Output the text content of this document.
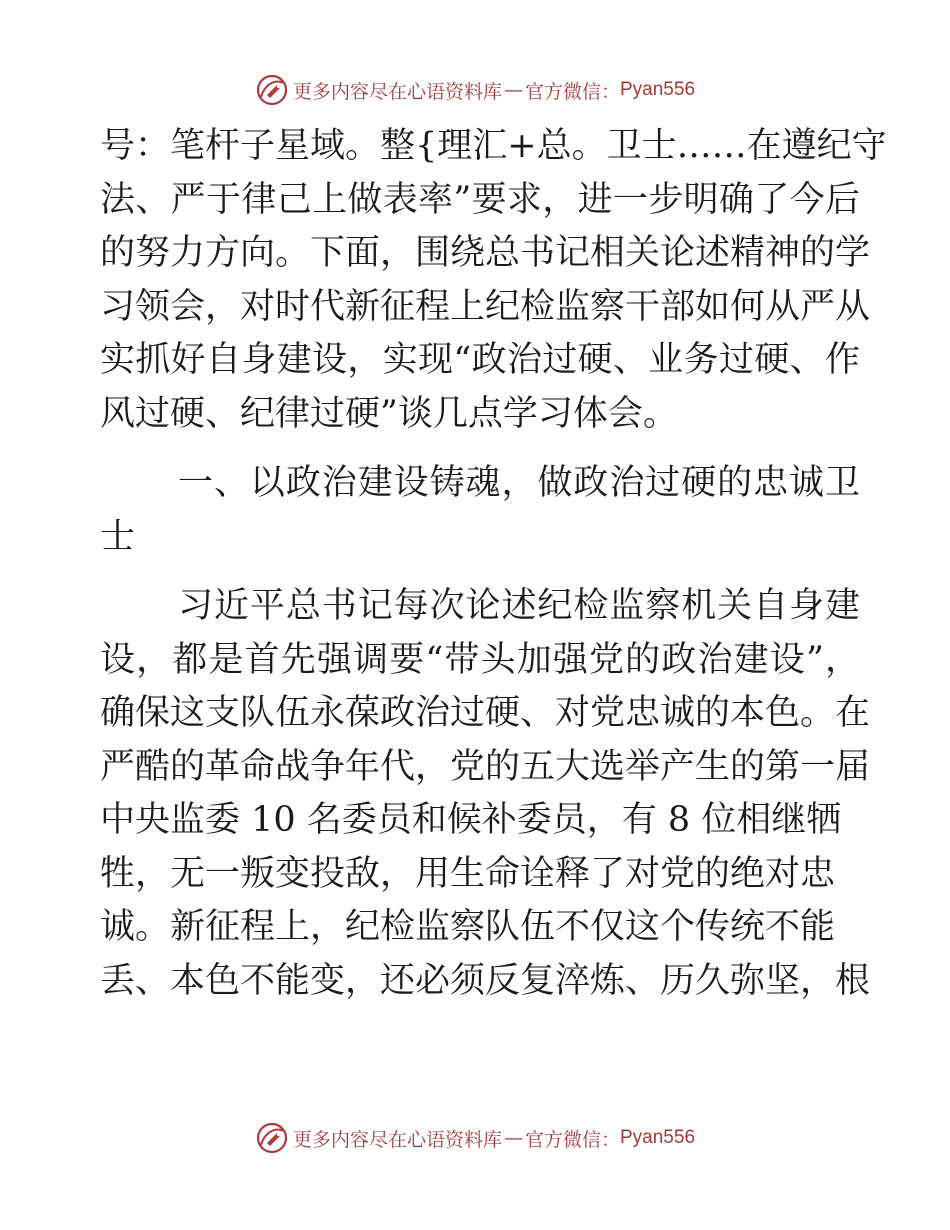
更多内容尽在心语资料库 — 官方微信： Pyan556
号：笔杆子星域。整{理汇+总。卫士……在遵纪守
法、严于律己上做表率”要求，进一步明确了今后
的努力方向。下面，围绕总书记相关论述精神的学
习领会，对时代新征程上纪检监察干部如何从严从
实抓好自身建设，实现“政治过硬、业务过硬、作
风过硬、纪律过硬”谈几点学习体会。
一、以政治建设铸魂，做政治过硬的忠诚卫
士
习近平总书记每次论述纪检监察机关自身建
设，都是首先强调要“带头加强党的政治建设”，
确保这支队伍永葆政治过硬、对党忠诚的本色。在
严酷的革命战争年代，党的五大选举产生的第一届
中央监委 10 名委员和候补委员，有 8 位相继牺
牲，无一叛变投敌，用生命诠释了对党的绝对忠
诚。新征程上，纪检监察队伍不仅这个传统不能
丢、本色不能变，还必须反复淬炼、历久弥坚，根
更多内容尽在心语资料库 — 官方微信： Pyan556
